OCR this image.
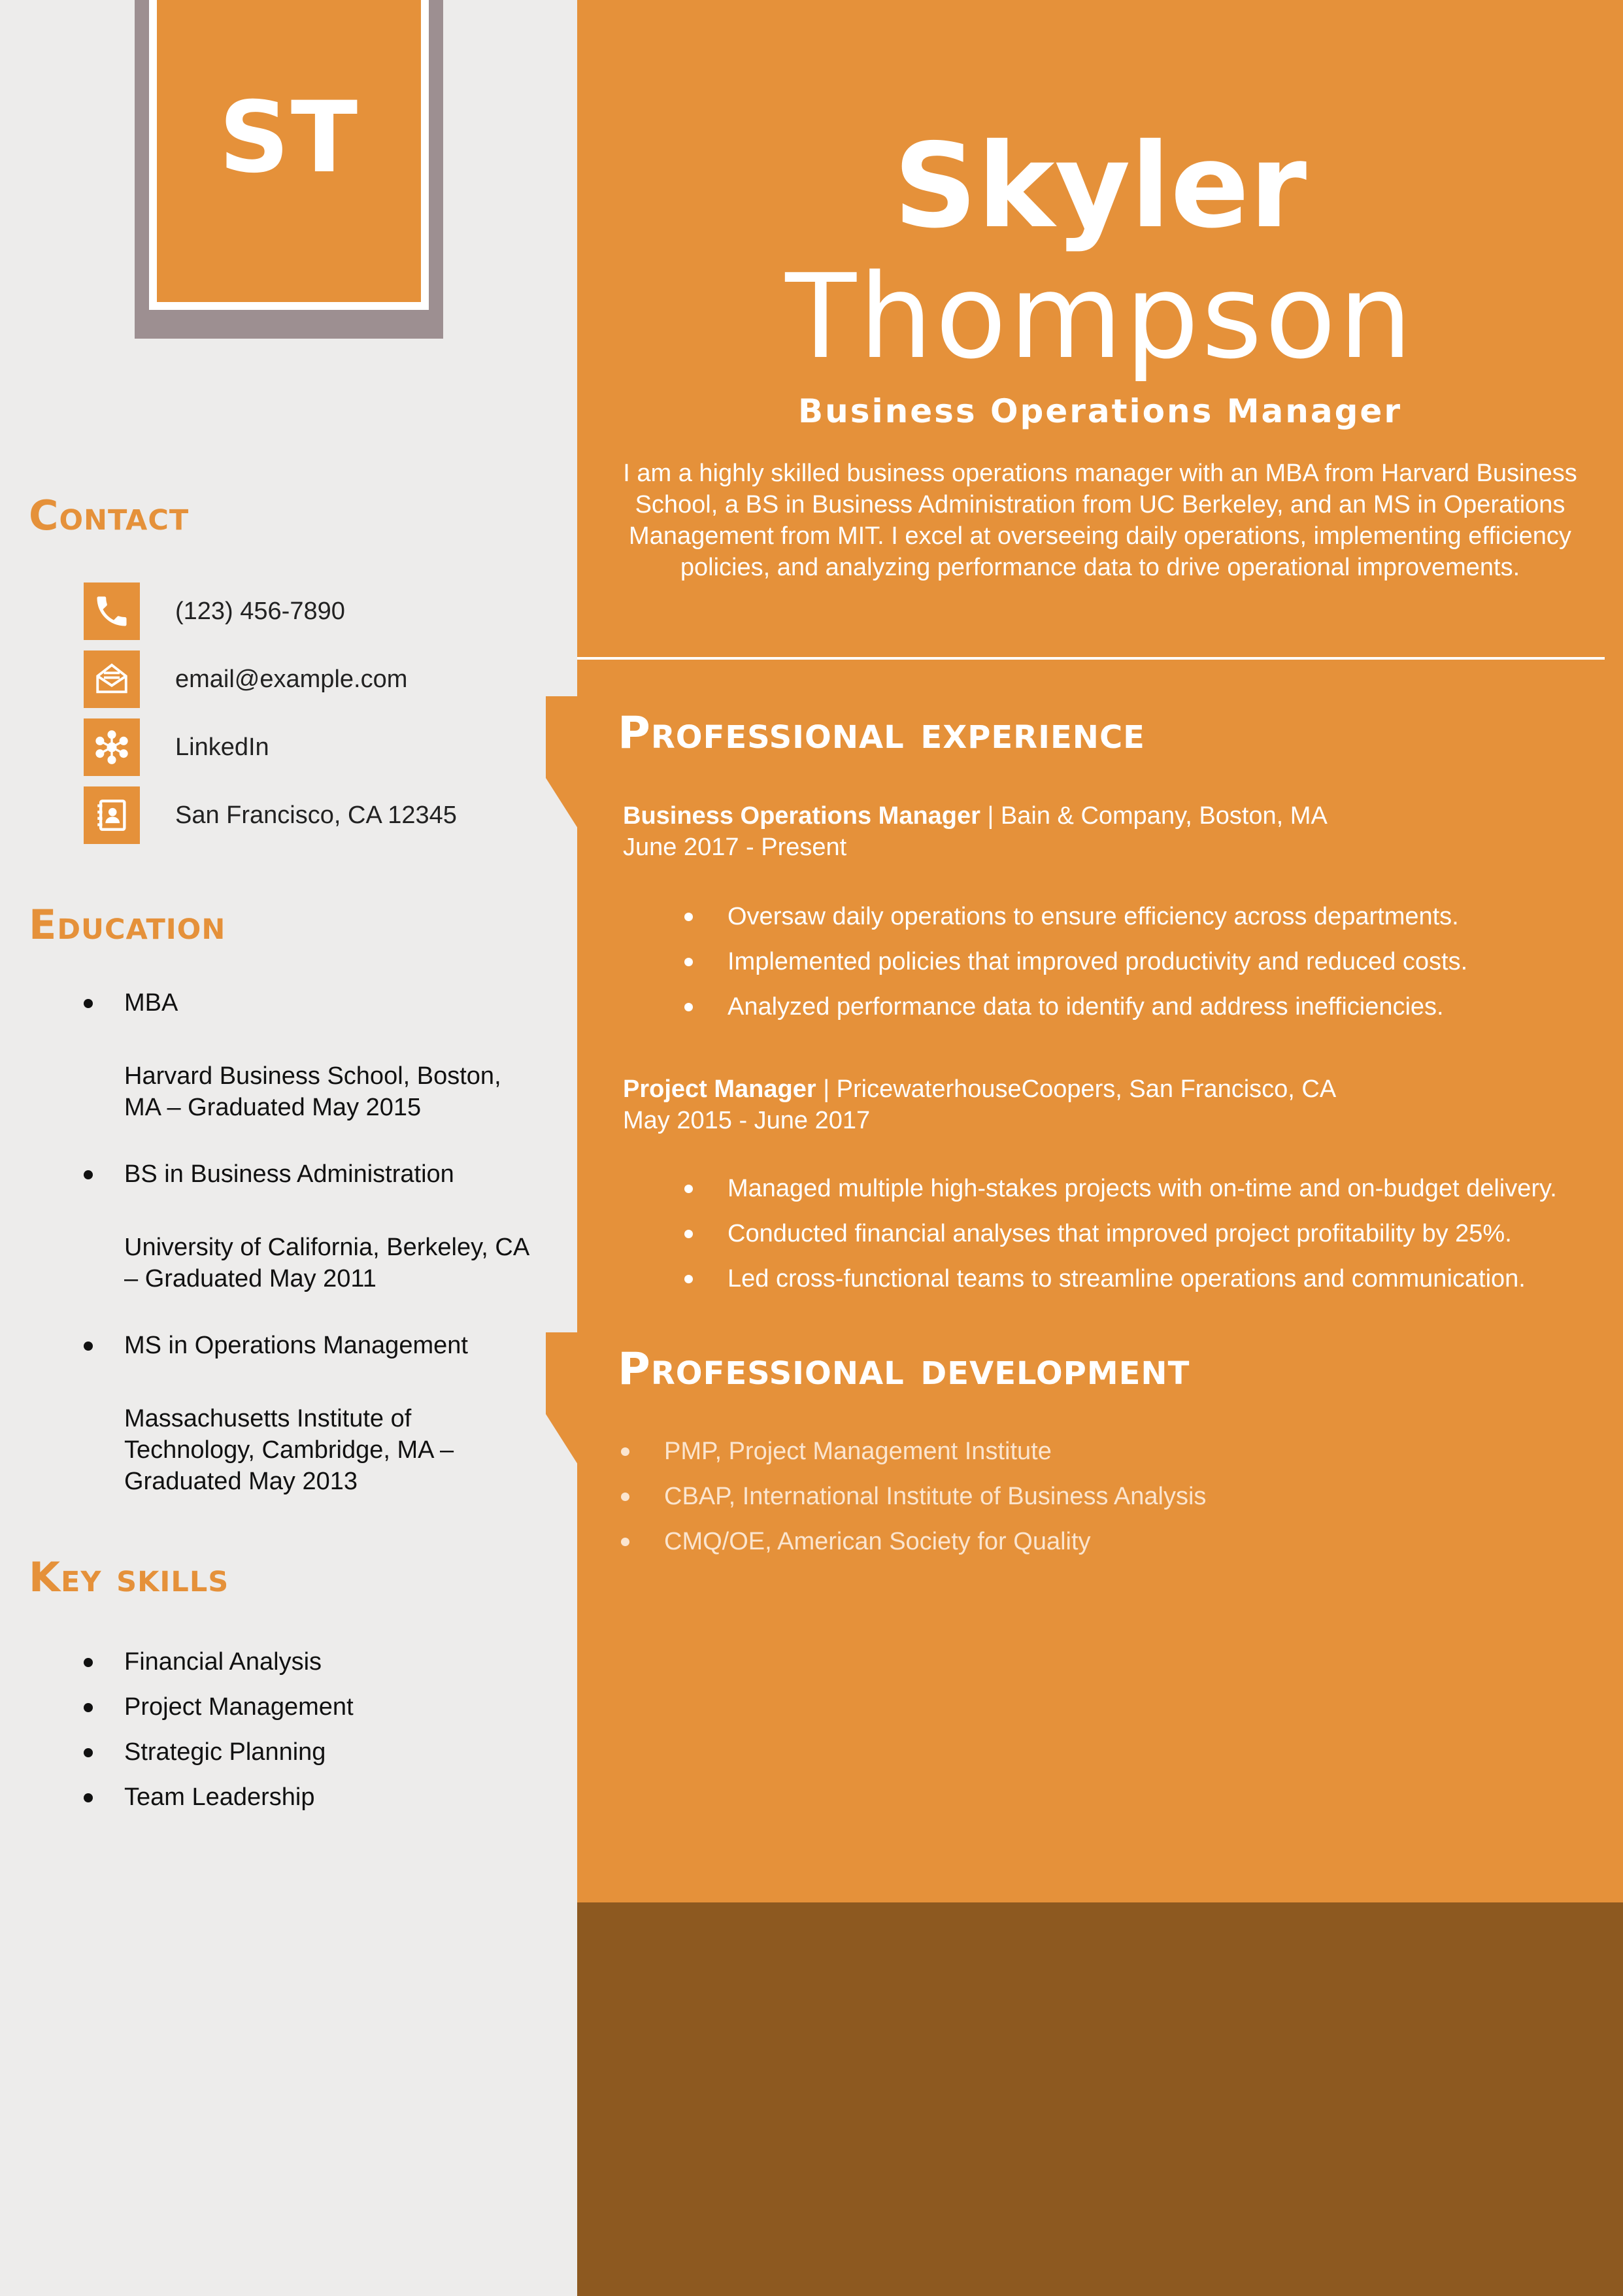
ST
Contact
(123) 456-7890
email@example.com
LinkedIn
San Francisco, CA 12345
Education
MBA
Harvard Business School, Boston, MA – Graduated May 2015
BS in Business Administration
University of California, Berkeley, CA – Graduated May 2011
MS in Operations Management
Massachusetts Institute of Technology, Cambridge, MA – Graduated May 2013
Key skills
Financial Analysis
Project Management
Strategic Planning
Team Leadership
Skyler
Thompson
Business Operations Manager
I am a highly skilled business operations manager with an MBA from Harvard Business School, a BS in Business Administration from UC Berkeley, and an MS in Operations Management from MIT. I excel at overseeing daily operations, implementing efficiency policies, and analyzing performance data to drive operational improvements.
Professional experience
Business Operations Manager | Bain & Company, Boston, MA
June 2017 - Present
Oversaw daily operations to ensure efficiency across departments.
Implemented policies that improved productivity and reduced costs.
Analyzed performance data to identify and address inefficiencies.
Project Manager | PricewaterhouseCoopers, San Francisco, CA
May 2015 - June 2017
Managed multiple high-stakes projects with on-time and on-budget delivery.
Conducted financial analyses that improved project profitability by 25%.
Led cross-functional teams to streamline operations and communication.
Professional development
PMP, Project Management Institute
CBAP, International Institute of Business Analysis
CMQ/OE, American Society for Quality
